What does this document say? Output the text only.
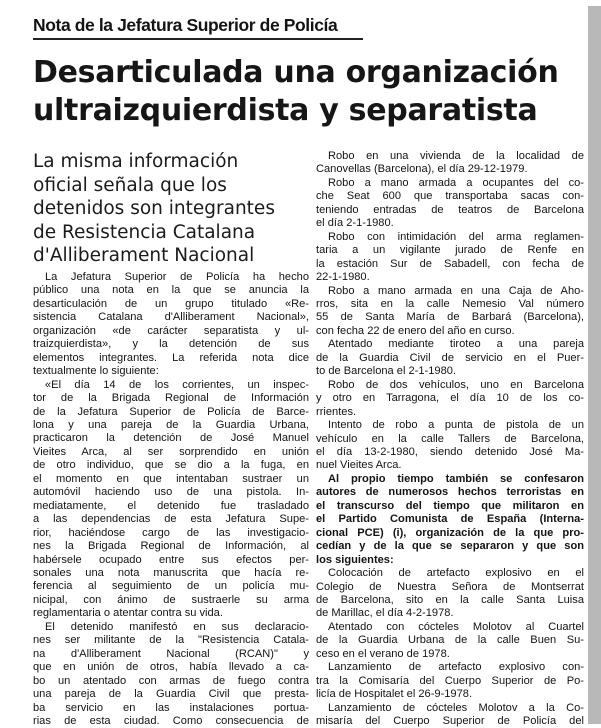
Nota de la Jefatura Superior de Policía
Desarticulada una organización
ultraizquierdista y separatista
La misma información
oficial señala que los
detenidos son integrantes
de Resistencia Catalana
d'Alliberament Nacional
La Jefatura Superior de Policía ha hecho
público una nota en la que se anuncia la
desarticulación de un grupo titulado «Re-
sistencia Catalana d'Alliberament Nacional»,
organización «de carácter separatista y ul-
traizquierdista», y la detención de sus
elementos integrantes. La referida nota dice
textualmente lo siguiente:
«El día 14 de los corrientes, un inspec-
tor de la Brigada Regional de Información
de la Jefatura Superior de Policía de Barce-
lona y una pareja de la Guardia Urbana,
practicaron la detención de José Manuel
Vieites Arca, al ser sorprendido en unión
de otro individuo, que se dio a la fuga, en
el momento en que intentaban sustraer un
automóvil haciendo uso de una pistola. In-
mediatamente, el detenido fue trasladado
a las dependencias de esta Jefatura Supe-
rior, haciéndose cargo de las investigacio-
nes la Brigada Regional de Información, al
habérsele ocupado entre sus efectos per-
sonales una nota manuscrita que hacía re-
ferencia al seguimiento de un policía mu-
nicipal, con ánimo de sustraerle su arma
reglamentaria o atentar contra su vida.
El detenido manifestó en sus declaracio-
nes ser militante de la "Resistencia Catala-
na d'Alliberament Nacional (RCAN)" y
que en unión de otros, había llevado a ca-
bo un atentado con armas de fuego contra
una pareja de la Guardia Civil que presta-
ba servicio en las instalaciones portua-
rias de esta ciudad. Como consecuencia de
Robo en una vivienda de la localidad de
Canovellas (Barcelona), el día 29-12-1979.
Robo a mano armada a ocupantes del co-
che Seat 600 que transportaba sacas con-
teniendo entradas de teatros de Barcelona
el día 2-1-1980.
Robo con intimidación del arma reglamen-
taria a un vigilante jurado de Renfe en
la estación Sur de Sabadell, con fecha de
22-1-1980.
Robo a mano armada en una Caja de Aho-
rros, sita en la calle Nemesio Val número
55 de Santa María de Barbará (Barcelona),
con fecha 22 de enero del año en curso.
Atentado mediante tiroteo a una pareja
de la Guardia Civil de servicio en el Puer-
to de Barcelona el 2-1-1980.
Robo de dos vehículos, uno en Barcelona
y otro en Tarragona, el día 10 de los co-
rrientes.
Intento de robo a punta de pistola de un
vehículo en la calle Tallers de Barcelona,
el día 13-2-1980, siendo detenido José Ma-
nuel Vieites Arca.
Al propio tiempo también se confesaron
autores de numerosos hechos terroristas en
el transcurso del tiempo que militaron en
el Partido Comunista de España (Interna-
cional PCE) (i), organización de la que pro-
cedían y de la que se separaron y que son
los siguientes:
Colocación de artefacto explosivo en el
Colegio de Nuestra Señora de Montserrat
de Barcelona, sito en la calle Santa Luisa
de Marillac, el día 4-2-1978.
Atentado con cócteles Molotov al Cuartel
de la Guardia Urbana de la calle Buen Su-
ceso en el verano de 1978.
Lanzamiento de artefacto explosivo con-
tra la Comisaría del Cuerpo Superior de Po-
licía de Hospitalet el 26-9-1978.
Lanzamiento de cócteles Molotov a la Co-
misaría del Cuerpo Superior de Policía del
